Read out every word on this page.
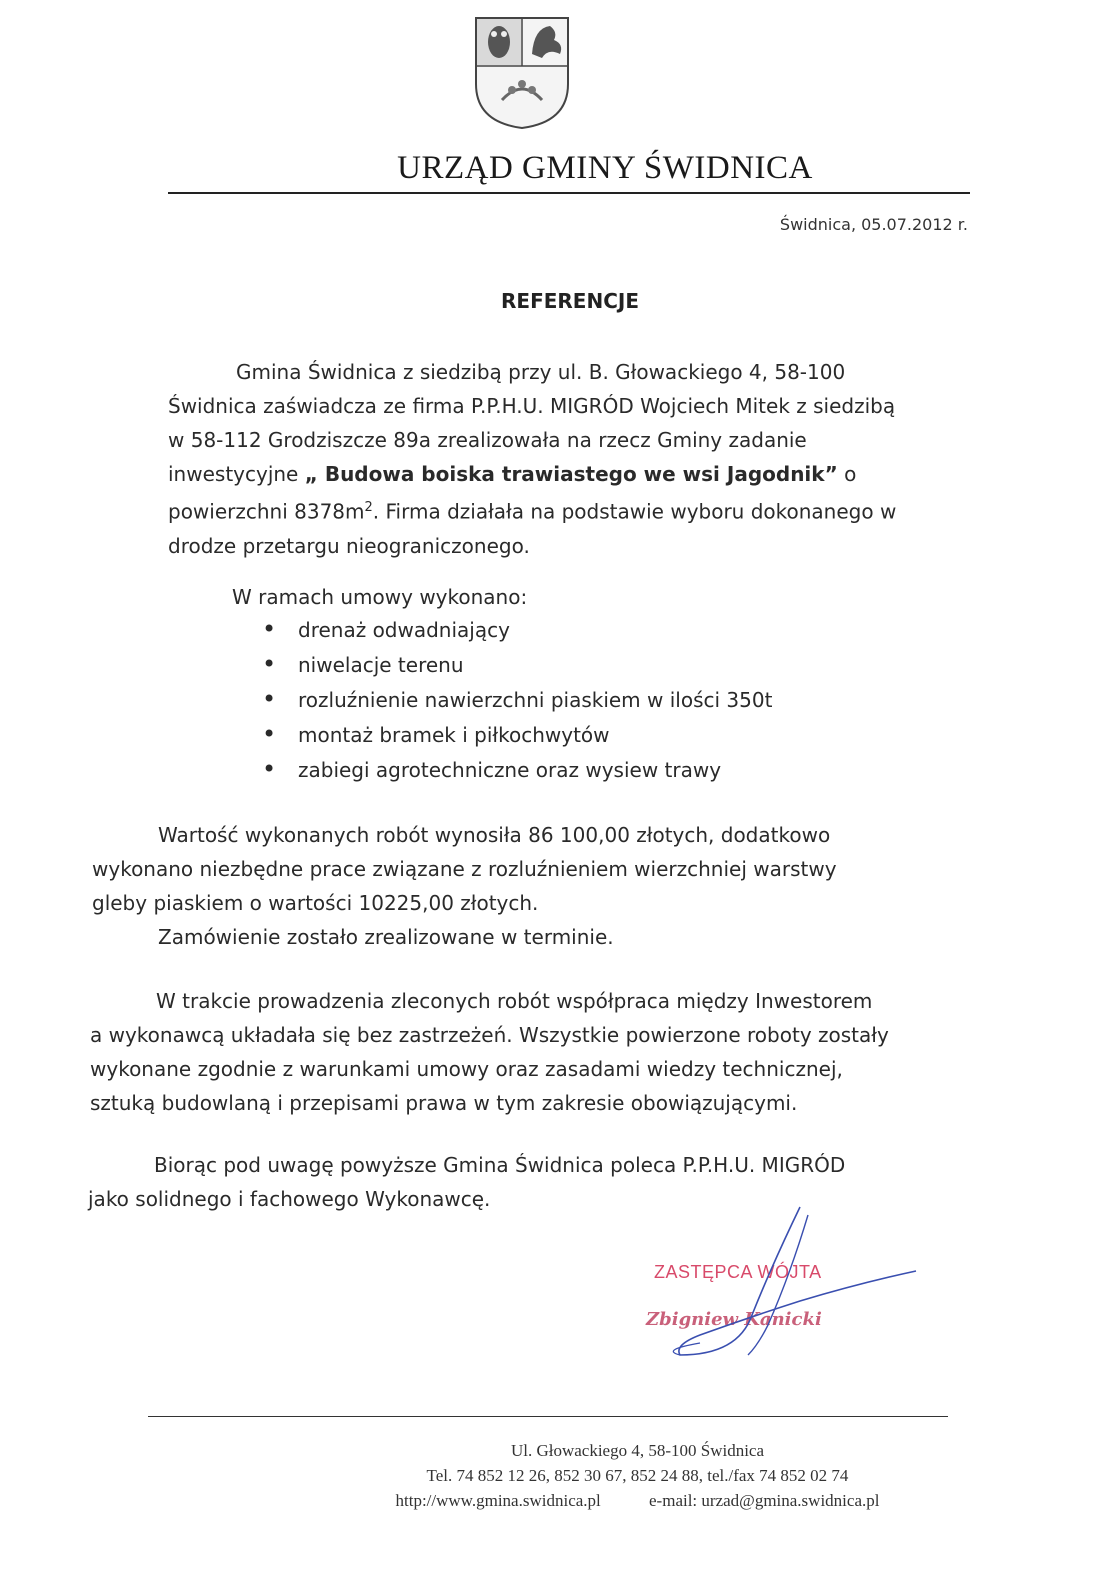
URZĄD GMINY ŚWIDNICA
Świdnica, 05.07.2012 r.
REFERENCJE

Gmina Świdnica z siedzibą przy ul. B. Głowackiego 4, 58-100

Świdnica zaświadcza ze firma P.P.H.U. MIGRÓD Wojciech Mitek z siedzibą

w 58-112 Grodziszcze 89a zrealizowała na rzecz Gminy zadanie

inwestycyjne „ Budowa boiska trawiastego we wsi Jagodnik” o

powierzchni $8378m^2$. Firma działała na podstawie wyboru dokonanego w

drodze przetargu nieograniczonego.

W ramach umowy wykonano:
• drenaż odwadniający
• niwelacje terenu
• rozluźnienie nawierzchni piaskiem w ilości 350t
• montaż bramek i piłkochwytów
• zabiegi agrotechniczne oraz wysiew trawy

Wartość wykonanych robót wynosiła 86 100,00 złotych, dodatkowo

wykonano niezbędne prace związane z rozluźnieniem wierzchniej warstwy

gleby piaskiem o wartości 10225,00 złotych.

Zamówienie zostało zrealizowane w terminie.

W trakcie prowadzenia zleconych robót współpraca między Inwestorem

a wykonawcą układała się bez zastrzeżeń. Wszystkie powierzone roboty zostały

wykonane zgodnie z warunkami umowy oraz zasadami wiedzy technicznej,

sztuką budowlaną i przepisami prawa w tym zakresie obowiązującymi.

Biorąc pod uwagę powyższe Gmina Świdnica poleca P.P.H.U. MIGRÓD

jako solidnego i fachowego Wykonawcę.

ZASTĘPCA WÓJTA
Zbigniew Kanicki
Ul. Głowackiego 4, 58-100 Świdnica
Tel. 74 852 12 26, 852 30 67, 852 24 88, tel./fax 74 852 02 74
http://www.gmina.swidnica.pl	e-mail: urzad@gmina.swidnica.pl
